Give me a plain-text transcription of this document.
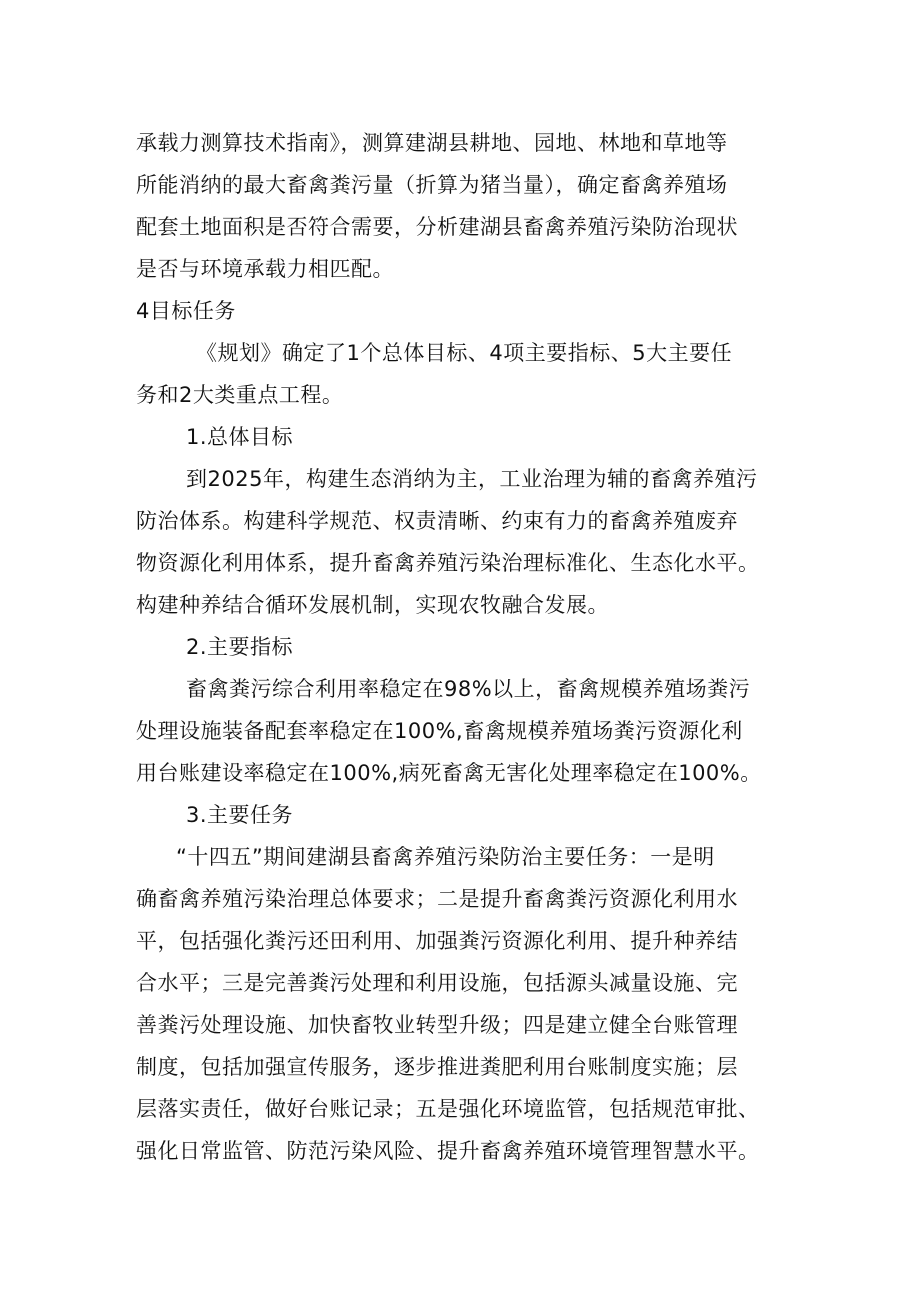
承载力测算技术指南》，测算建湖县耕地、园地、林地和草地等
所能消纳的最大畜禽粪污量（折算为猪当量），确定畜禽养殖场
配套土地面积是否符合需要，分析建湖县畜禽养殖污染防治现状
是否与环境承载力相匹配。
4目标任务
《规划》确定了1个总体目标、4项主要指标、5大主要任
务和2大类重点工程。
1.总体目标
到2025年，构建生态消纳为主，工业治理为辅的畜禽养殖污
防治体系。构建科学规范、权责清晰、约束有力的畜禽养殖废弃
物资源化利用体系，提升畜禽养殖污染治理标准化、生态化水平。
构建种养结合循环发展机制，实现农牧融合发展。
2.主要指标
畜禽粪污综合利用率稳定在98%以上，畜禽规模养殖场粪污
处理设施装备配套率稳定在100%,畜禽规模养殖场粪污资源化利
用台账建设率稳定在100%,病死畜禽无害化处理率稳定在100%。
3.主要任务
“十四五”期间建湖县畜禽养殖污染防治主要任务：一是明
确畜禽养殖污染治理总体要求；二是提升畜禽粪污资源化利用水
平，包括强化粪污还田利用、加强粪污资源化利用、提升种养结
合水平；三是完善粪污处理和利用设施，包括源头减量设施、完
善粪污处理设施、加快畜牧业转型升级；四是建立健全台账管理
制度，包括加强宣传服务，逐步推进粪肥利用台账制度实施；层
层落实责任，做好台账记录；五是强化环境监管，包括规范审批、
强化日常监管、防范污染风险、提升畜禽养殖环境管理智慧水平。
